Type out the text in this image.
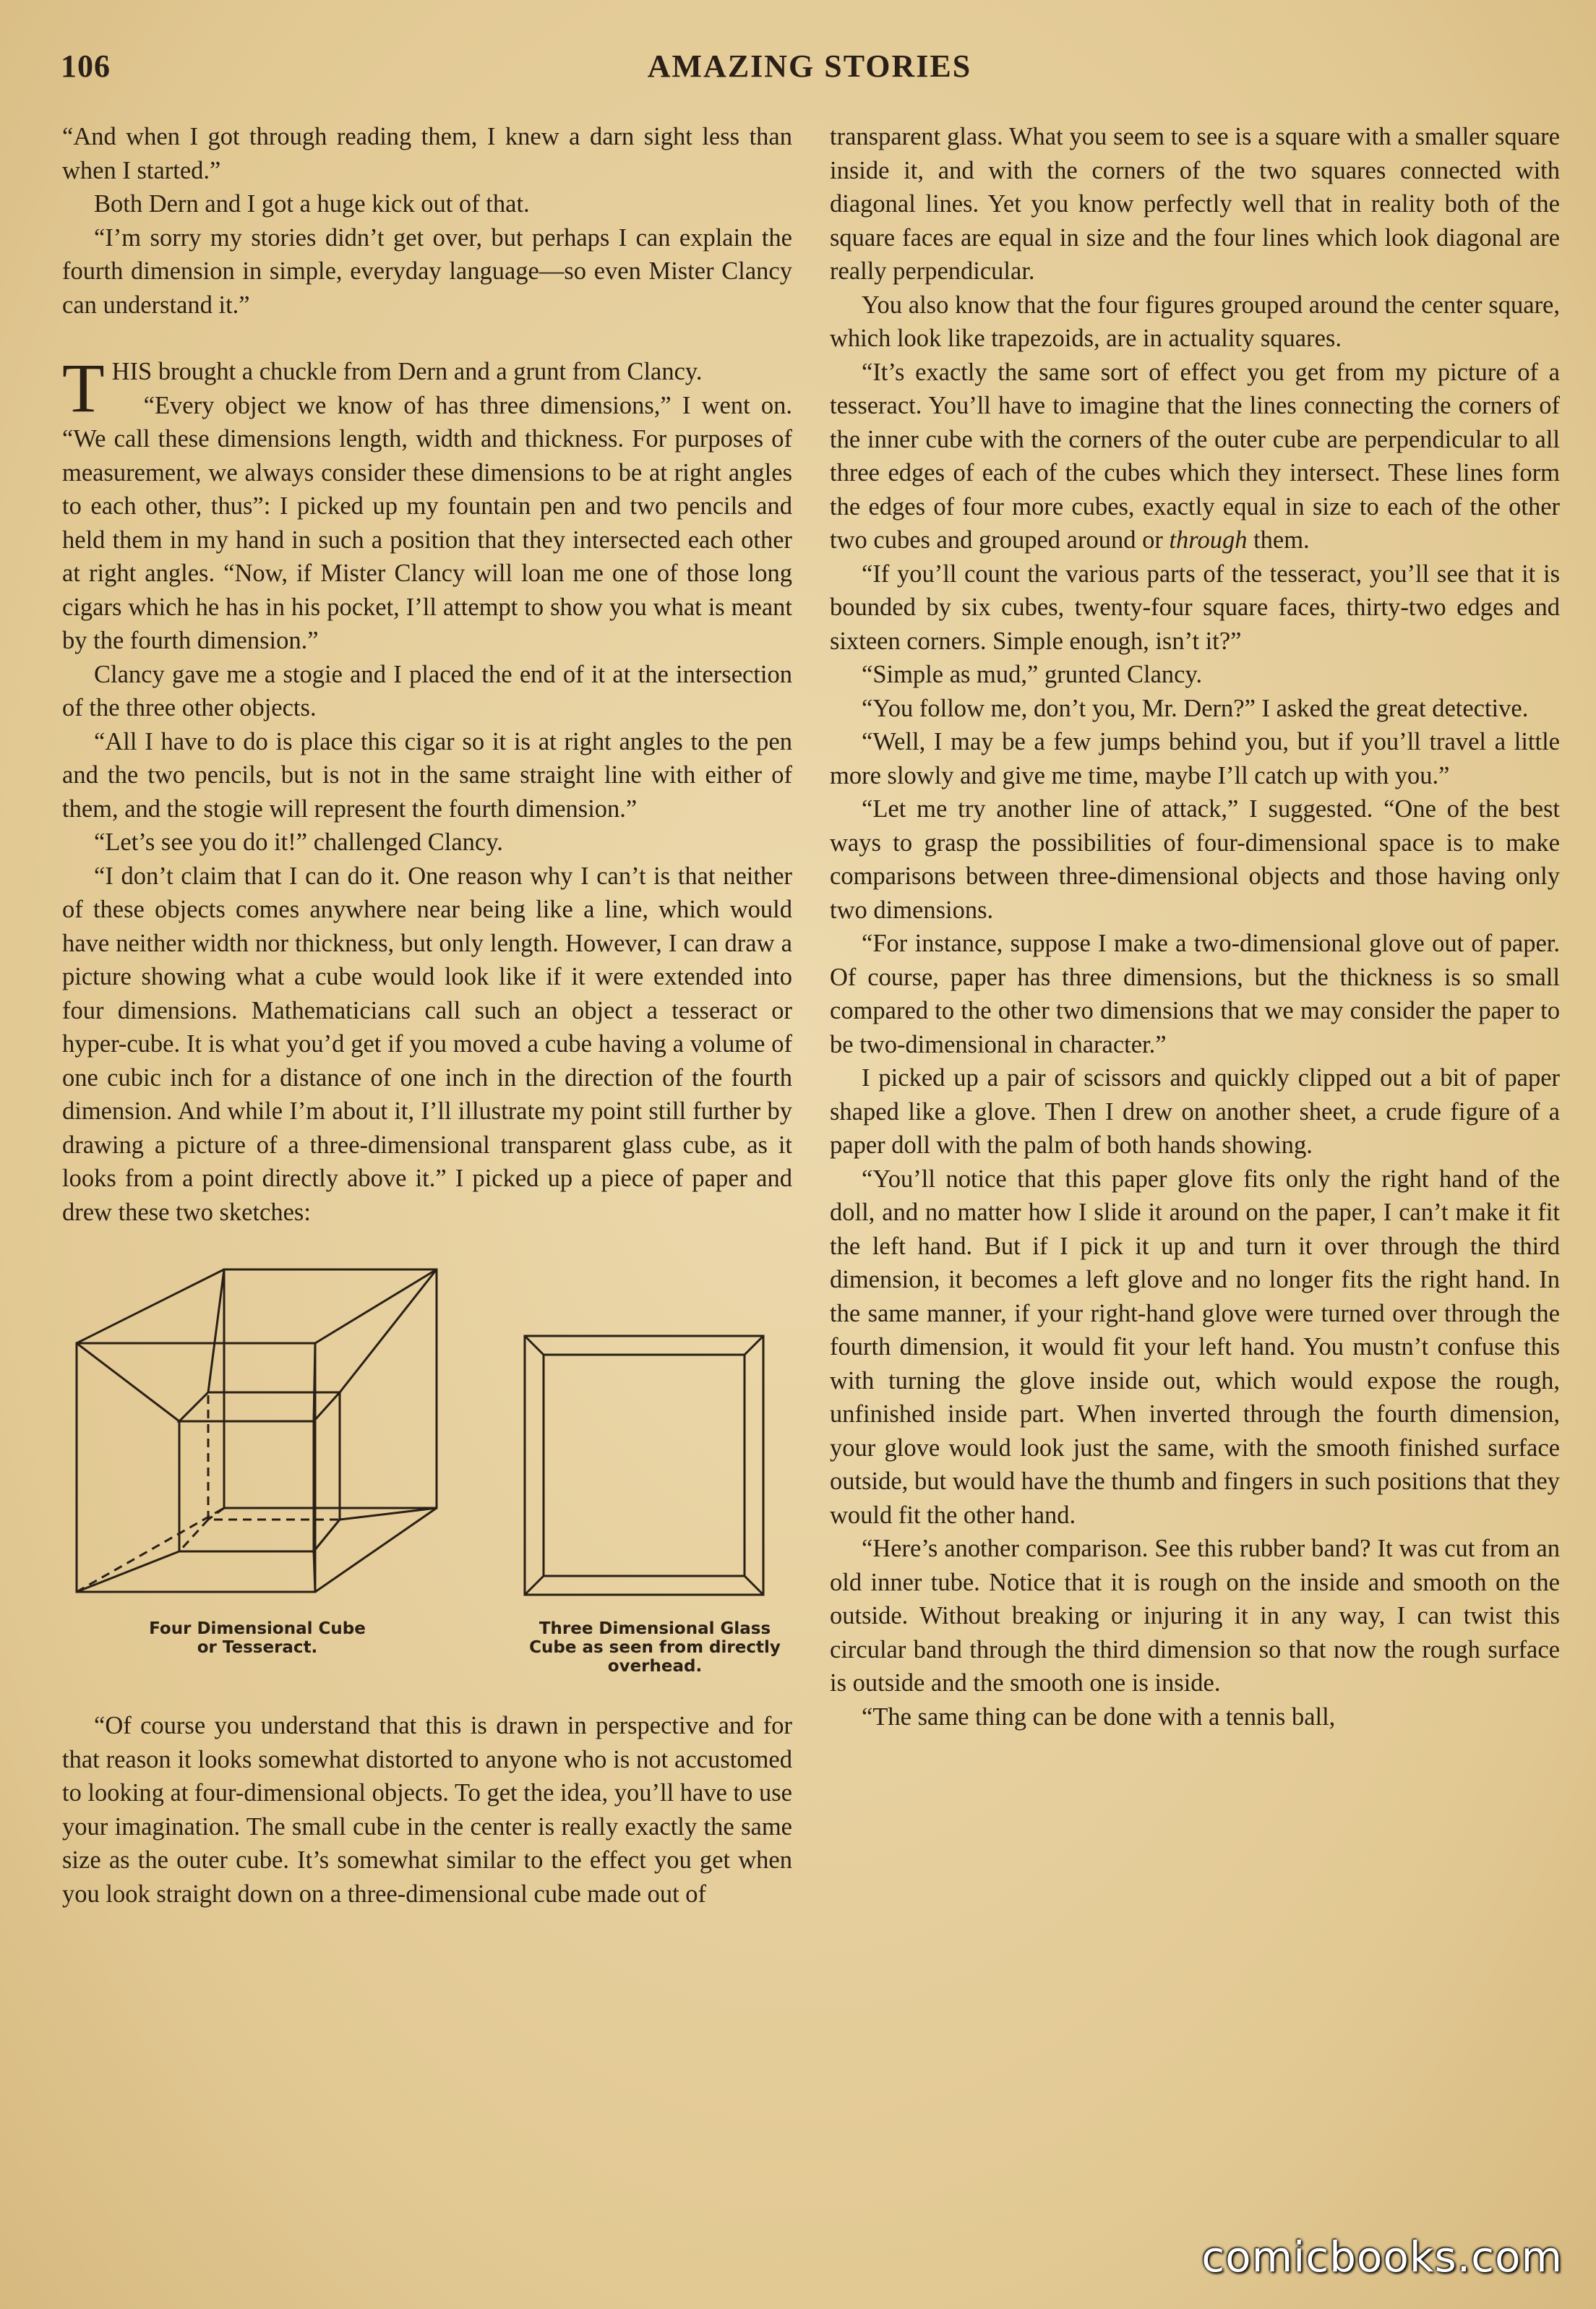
106	AMAZING STORIES

“And when I got through reading them, I knew a darn sight less than when I started.”

Both Dern and I got a huge kick out of that.

“I’m sorry my stories didn’t get over, but perhaps I can explain the fourth dimension in simple, everyday language—so even Mister Clancy can understand it.”

THIS brought a chuckle from Dern and a grunt from Clancy.

“Every object we know of has three dimensions,” I went on. “We call these dimensions length, width and thickness. For purposes of measurement, we always consider these dimensions to be at right angles to each other, thus”: I picked up my fountain pen and two pencils and held them in my hand in such a position that they intersected each other at right angles. “Now, if Mister Clancy will loan me one of those long cigars which he has in his pocket, I’ll attempt to show you what is meant by the fourth dimension.”

Clancy gave me a stogie and I placed the end of it at the intersection of the three other objects.

“All I have to do is place this cigar so it is at right angles to the pen and the two pencils, but is not in the same straight line with either of them, and the stogie will represent the fourth dimension.”

“Let’s see you do it!” challenged Clancy.

“I don’t claim that I can do it. One reason why I can’t is that neither of these objects comes anywhere near being like a line, which would have neither width nor thickness, but only length. However, I can draw a picture showing what a cube would look like if it were extended into four dimensions. Mathematicians call such an object a tesseract or hyper-cube. It is what you’d get if you moved a cube having a volume of one cubic inch for a distance of one inch in the direction of the fourth dimension. And while I’m about it, I’ll illustrate my point still further by drawing a picture of a three-dimensional transparent glass cube, as it looks from a point directly above it.” I picked up a piece of paper and drew these two sketches:

Four Dimensional Cube
or Tesseract.
Three Dimensional Glass
Cube as seen from directly
overhead.

“Of course you understand that this is drawn in perspective and for that reason it looks somewhat distorted to anyone who is not accustomed to looking at four-dimensional objects. To get the idea, you’ll have to use your imagination. The small cube in the center is really exactly the same size as the outer cube. It’s somewhat similar to the effect you get when you look straight down on a three-dimensional cube made out of

transparent glass. What you seem to see is a square with a smaller square inside it, and with the corners of the two squares connected with diagonal lines. Yet you know perfectly well that in reality both of the square faces are equal in size and the four lines which look diagonal are really perpendicular.

You also know that the four figures grouped around the center square, which look like trapezoids, are in actuality squares.

“It’s exactly the same sort of effect you get from my picture of a tesseract. You’ll have to imagine that the lines connecting the corners of the inner cube with the corners of the outer cube are perpendicular to all three edges of each of the cubes which they intersect. These lines form the edges of four more cubes, exactly equal in size to each of the other two cubes and grouped around or through them.

“If you’ll count the various parts of the tesseract, you’ll see that it is bounded by six cubes, twenty-four square faces, thirty-two edges and sixteen corners. Simple enough, isn’t it?”

“Simple as mud,” grunted Clancy.

“You follow me, don’t you, Mr. Dern?” I asked the great detective.

“Well, I may be a few jumps behind you, but if you’ll travel a little more slowly and give me time, maybe I’ll catch up with you.”

“Let me try another line of attack,” I suggested. “One of the best ways to grasp the possibilities of four-dimensional space is to make comparisons between three-dimensional objects and those having only two dimensions.

“For instance, suppose I make a two-dimensional glove out of paper. Of course, paper has three dimensions, but the thickness is so small compared to the other two dimensions that we may consider the paper to be two-dimensional in character.”

I picked up a pair of scissors and quickly clipped out a bit of paper shaped like a glove. Then I drew on another sheet, a crude figure of a paper doll with the palm of both hands showing.

“You’ll notice that this paper glove fits only the right hand of the doll, and no matter how I slide it around on the paper, I can’t make it fit the left hand. But if I pick it up and turn it over through the third dimension, it becomes a left glove and no longer fits the right hand. In the same manner, if your right-hand glove were turned over through the fourth dimension, it would fit your left hand. You mustn’t confuse this with turning the glove inside out, which would expose the rough, unfinished inside part. When inverted through the fourth dimension, your glove would look just the same, with the smooth finished surface outside, but would have the thumb and fingers in such positions that they would fit the other hand.

“Here’s another comparison. See this rubber band? It was cut from an old inner tube. Notice that it is rough on the inside and smooth on the outside. Without breaking or injuring it in any way, I can twist this circular band through the third dimension so that now the rough surface is outside and the smooth one is inside.

“The same thing can be done with a tennis ball,

comicbooks.com
